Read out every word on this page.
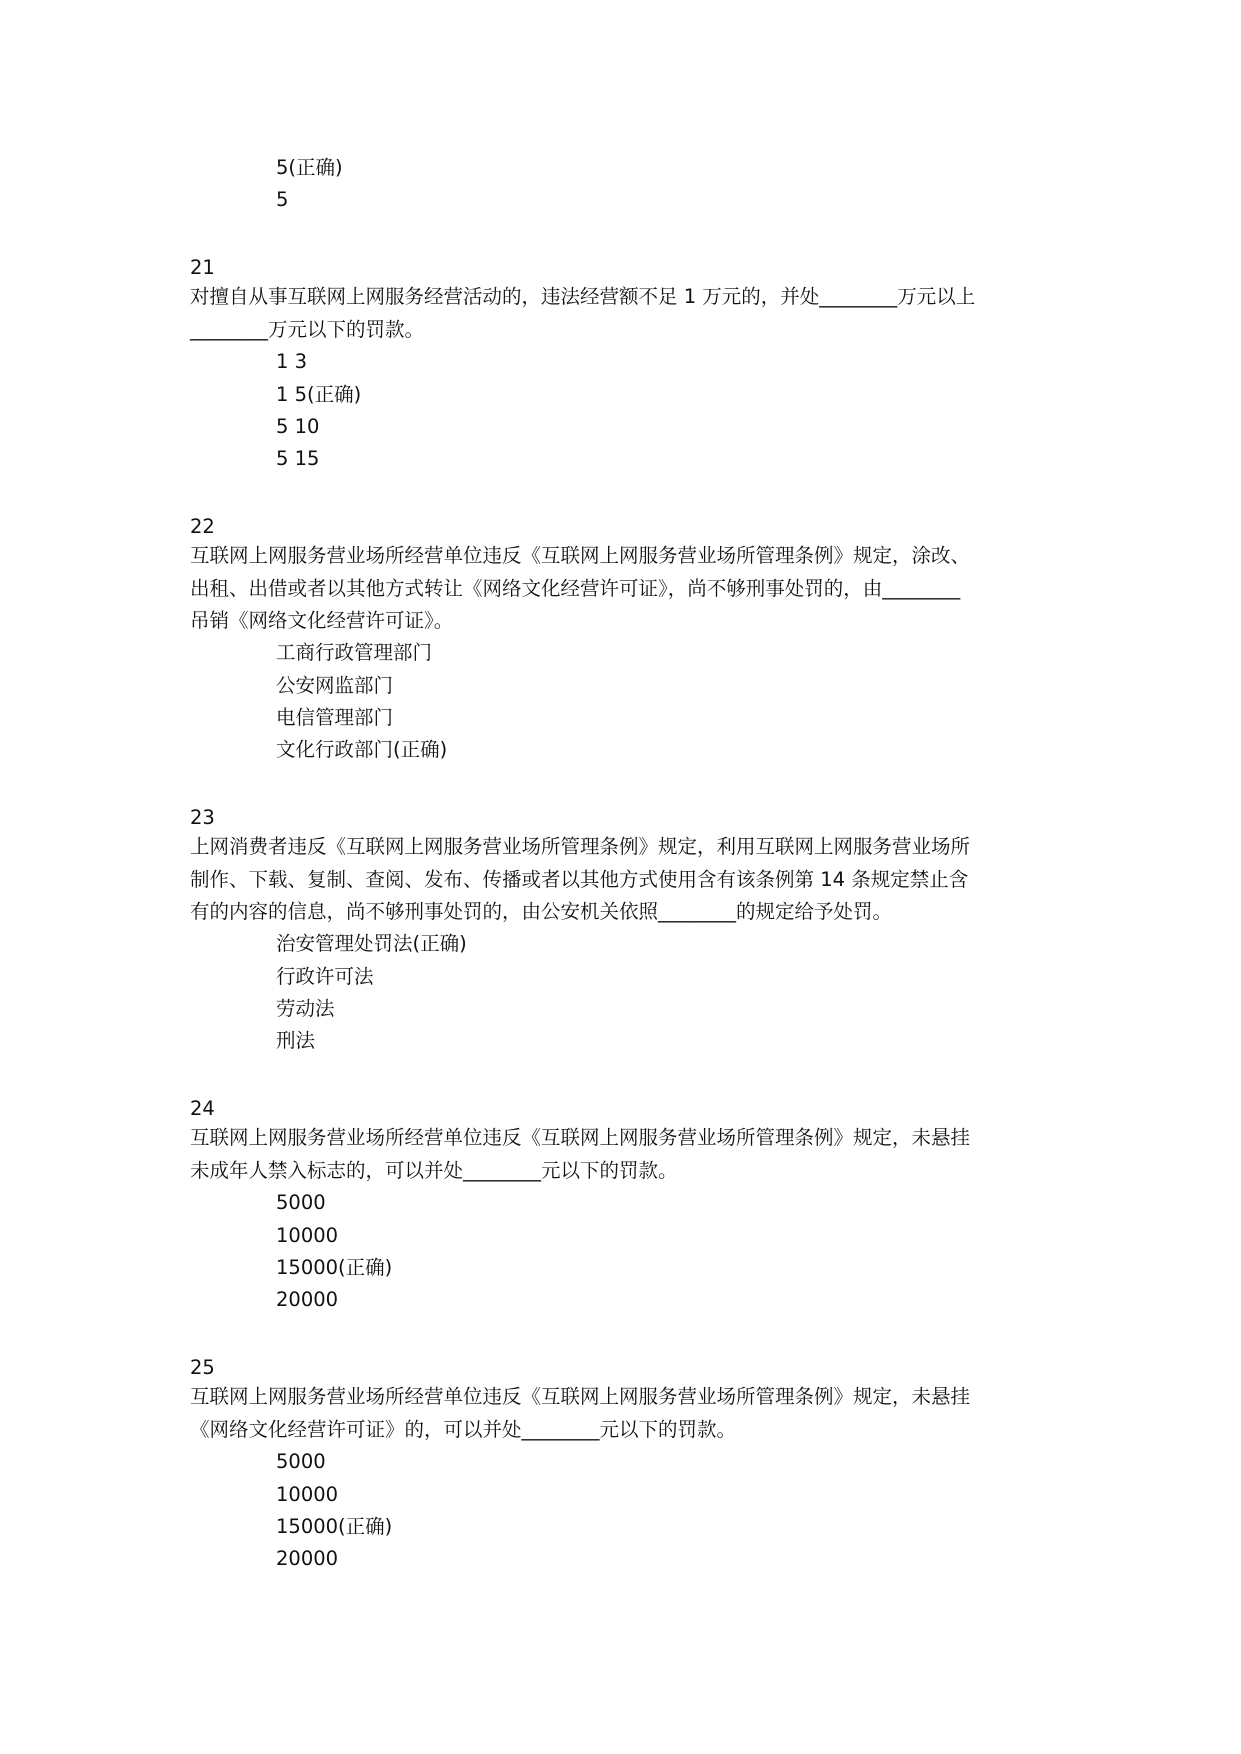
5(正确)
5
21
对擅自从事互联网上网服务经营活动的，违法经营额不足 1 万元的，并处________万元以上
________万元以下的罚款。
1 3
1 5(正确)
5 10
5 15
22
互联网上网服务营业场所经营单位违反《互联网上网服务营业场所管理条例》规定，涂改、
出租、出借或者以其他方式转让《网络文化经营许可证》，尚不够刑事处罚的，由________
吊销《网络文化经营许可证》。
工商行政管理部门
公安网监部门
电信管理部门
文化行政部门(正确)
23
上网消费者违反《互联网上网服务营业场所管理条例》规定，利用互联网上网服务营业场所
制作、下载、复制、查阅、发布、传播或者以其他方式使用含有该条例第 14 条规定禁止含
有的内容的信息，尚不够刑事处罚的，由公安机关依照________的规定给予处罚。
治安管理处罚法(正确)
行政许可法
劳动法
刑法
24
互联网上网服务营业场所经营单位违反《互联网上网服务营业场所管理条例》规定，未悬挂
未成年人禁入标志的，可以并处________元以下的罚款。
5000
10000
15000(正确)
20000
25
互联网上网服务营业场所经营单位违反《互联网上网服务营业场所管理条例》规定，未悬挂
《网络文化经营许可证》的，可以并处________元以下的罚款。
5000
10000
15000(正确)
20000
